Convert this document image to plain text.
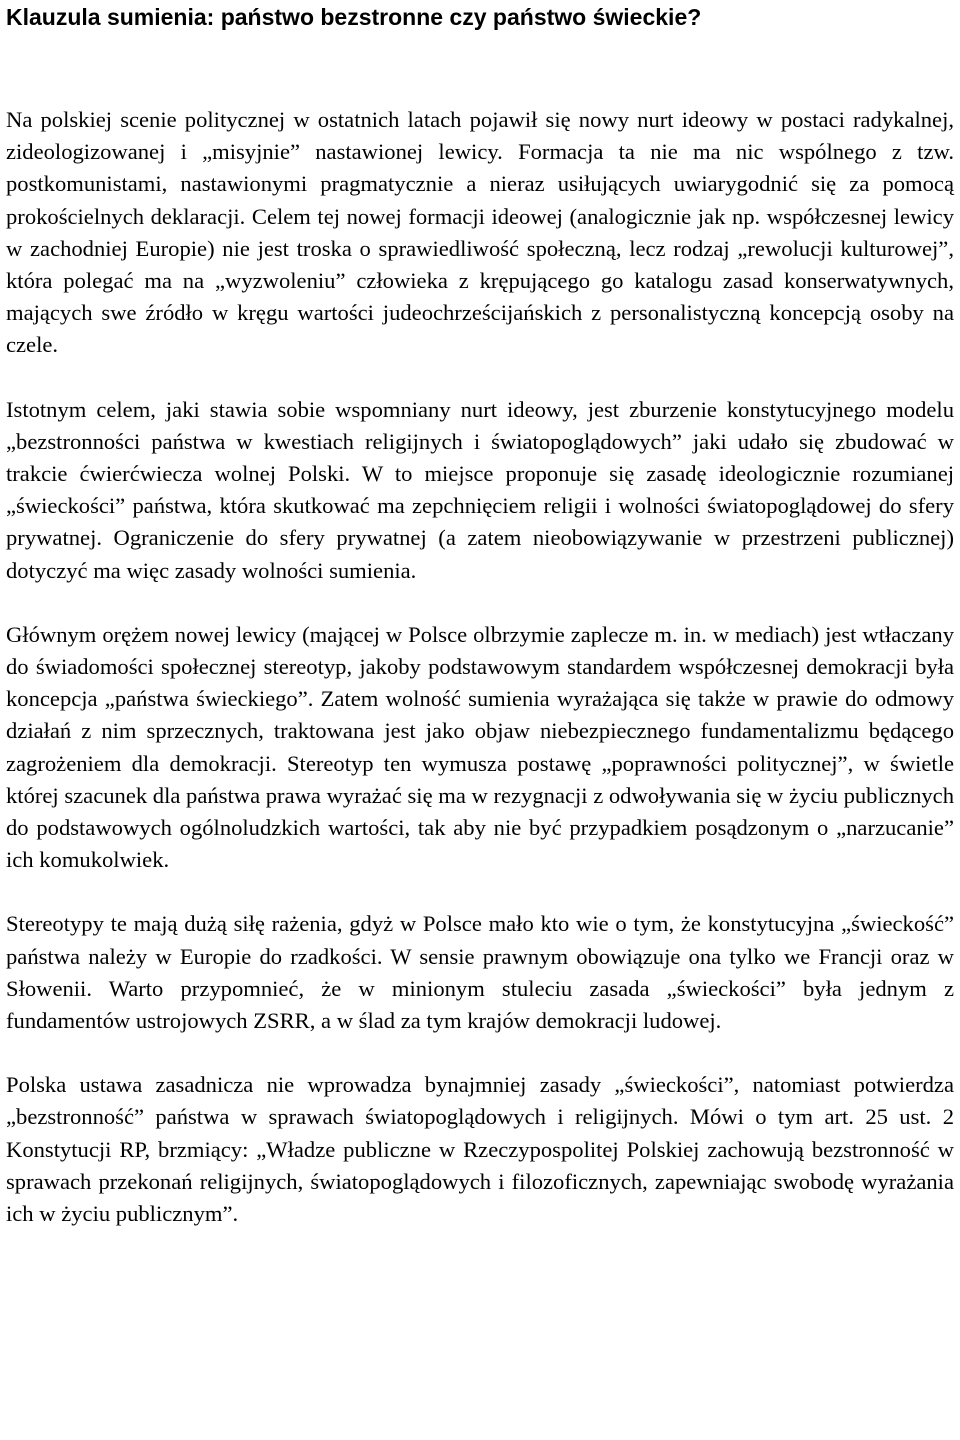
Klauzula sumienia: państwo bezstronne czy państwo świeckie?

Na polskiej scenie politycznej w ostatnich latach pojawił się nowy nurt ideowy w postaci radykalnej, zideologizowanej i „misyjnie” nastawionej lewicy. Formacja ta nie ma nic wspólnego z tzw. postkomunistami, nastawionymi pragmatycznie a nieraz usiłujących uwiarygodnić się za pomocą prokościelnych deklaracji. Celem tej nowej formacji ideowej (analogicznie jak np. współczesnej lewicy w zachodniej Europie) nie jest troska o sprawiedliwość społeczną, lecz rodzaj „rewolucji kulturowej”, która polegać ma na „wyzwoleniu” człowieka z krępującego go katalogu zasad konserwatywnych, mających swe źródło w kręgu wartości judeochrześcijańskich z personalistyczną koncepcją osoby na czele.

Istotnym celem, jaki stawia sobie wspomniany nurt ideowy, jest zburzenie konstytucyjnego modelu „bezstronności państwa w kwestiach religijnych i światopoglądowych” jaki udało się zbudować w trakcie ćwierćwiecza wolnej Polski. W to miejsce proponuje się zasadę ideologicznie rozumianej „świeckości” państwa, która skutkować ma zepchnięciem religii i wolności światopoglądowej do sfery prywatnej. Ograniczenie do sfery prywatnej (a zatem nieobowiązywanie w przestrzeni publicznej) dotyczyć ma więc zasady wolności sumienia.

Głównym orężem nowej lewicy (mającej w Polsce olbrzymie zaplecze m. in. w mediach) jest wtłaczany do świadomości społecznej stereotyp, jakoby podstawowym standardem współczesnej demokracji była koncepcja „państwa świeckiego”. Zatem wolność sumienia wyrażająca się także w prawie do odmowy działań z nim sprzecznych, traktowana jest jako objaw niebezpiecznego fundamentalizmu będącego zagrożeniem dla demokracji. Stereotyp ten wymusza postawę „poprawności politycznej”, w świetle której szacunek dla państwa prawa wyrażać się ma w rezygnacji z odwoływania się w życiu publicznych do podstawowych ogólnoludzkich wartości, tak aby nie być przypadkiem posądzonym o „narzucanie” ich komukolwiek.

Stereotypy te mają dużą siłę rażenia, gdyż w Polsce mało kto wie o tym, że konstytucyjna „świeckość” państwa należy w Europie do rzadkości. W sensie prawnym obowiązuje ona tylko we Francji oraz w Słowenii. Warto przypomnieć, że w minionym stuleciu zasada „świeckości” była jednym z fundamentów ustrojowych ZSRR, a w ślad za tym krajów demokracji ludowej.

Polska ustawa zasadnicza nie wprowadza bynajmniej zasady „świeckości”, natomiast potwierdza „bezstronność” państwa w sprawach światopoglądowych i religijnych. Mówi o tym art. 25 ust. 2 Konstytucji RP, brzmiący: „Władze publiczne w Rzeczypospolitej Polskiej zachowują bezstronność w sprawach przekonań religijnych, światopoglądowych i filozoficznych, zapewniając swobodę wyrażania ich w życiu publicznym”.
